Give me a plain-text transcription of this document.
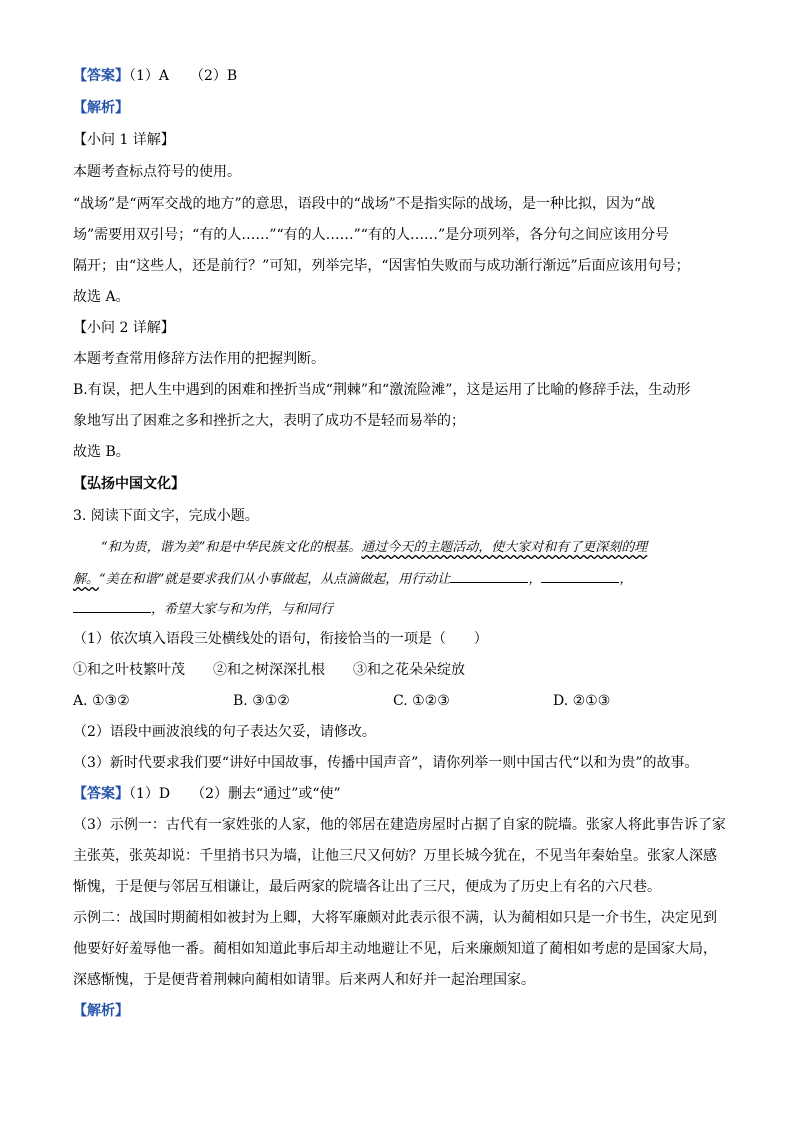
【答案】（1）A　　（2）B
【解析】
【小问 1 详解】
本题考查标点符号的使用。
“战场”是“两军交战的地方”的意思，语段中的“战场”不是指实际的战场，是一种比拟，因为“战
场”需要用双引号；“有的人……”“有的人……”“有的人……”是分项列举，各分句之间应该用分号
隔开；由“这些人，还是前行？”可知，列举完毕，“因害怕失败而与成功渐行渐远”后面应该用句号；
故选 A。
【小问 2 详解】
本题考查常用修辞方法作用的把握判断。
B.有误，把人生中遇到的困难和挫折当成“荆棘”和“激流险滩”，这是运用了比喻的修辞手法，生动形
象地写出了困难之多和挫折之大，表明了成功不是轻而易举的；
故选 B。
【弘扬中国文化】
3. 阅读下面文字，完成小题。
“和为贵，谐为美”和是中华民族文化的根基。通过今天的主题活动，使大家对和有了更深刻的理
解。“美在和谐”就是要求我们从小事做起，从点滴做起，用行动让	，	，
，希望大家与和为伴，与和同行
（1）依次填入语段三处横线处的语句，衔接恰当的一项是（　　）
①和之叶枝繁叶茂 ②和之树深深扎根 ③和之花朵朵绽放
A. ①③②	B. ③①②	C. ①②③	D. ②①③
（2）语段中画波浪线的句子表达欠妥，请修改。
（3）新时代要求我们要“讲好中国故事，传播中国声音”，请你列举一则中国古代“以和为贵”的故事。
【答案】（1）D　　（2）删去“通过”或“使”
（3）示例一：古代有一家姓张的人家，他的邻居在建造房屋时占据了自家的院墙。张家人将此事告诉了家
主张英，张英却说：千里捎书只为墙，让他三尺又何妨？万里长城今犹在，不见当年秦始皇。张家人深感
惭愧，于是便与邻居互相谦让，最后两家的院墙各让出了三尺，便成为了历史上有名的六尺巷。
示例二：战国时期蔺相如被封为上卿，大将军廉颇对此表示很不满，认为蔺相如只是一介书生，决定见到
他要好好羞辱他一番。蔺相如知道此事后却主动地避让不见，后来廉颇知道了蔺相如考虑的是国家大局，
深感惭愧，于是便背着荆棘向蔺相如请罪。后来两人和好并一起治理国家。
【解析】
